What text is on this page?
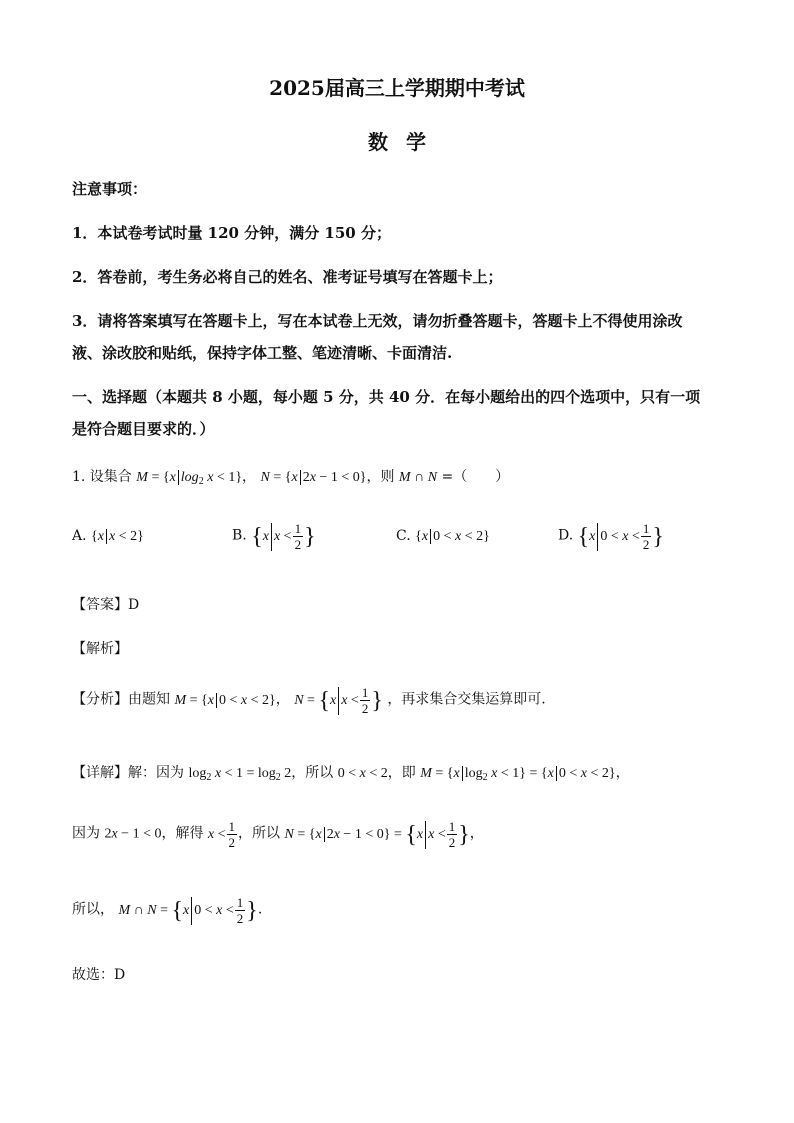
2025届高三上学期期中考试
数学
注意事项：
1．本试卷考试时量 120 分钟，满分 150 分；
2．答卷前，考生务必将自己的姓名、准考证号填写在答题卡上；
3．请将答案填写在答题卡上，写在本试卷上无效，请勿折叠答题卡，答题卡上不得使用涂改
液、涂改胶和贴纸，保持字体工整、笔迹清晰、卡面清洁.
一、选择题（本题共 8 小题，每小题 5 分，共 40 分．在每小题给出的四个选项中，只有一项
是符合题目要求的．）
1. 设集合 M = {x $\log_2 x < 1$}， N = {x 2x − 1 < 0}，则 M ∩ N =（　　）
A. {x x < 2}	B. {x $x < \frac{1}{2}$ }	C. {x 0 < x < 2}	D. {x $0 < x < \frac{1}{2}$ }
【答案】D
【解析】
【分析】由题知 M = {x 0 < x < 2}， N = {x $x < \frac{1}{2}$ } ，再求集合交集运算即可.
【详解】解：因为 $\log_2 x < 1 = \log_2 2$，所以 0 < x < 2，即 M = {x $\log_2 x < 1\} = \{x$ 0 < x < 2}，
因为 2x − 1 < 0，解得 $x < \frac{1}{2}$ ，所以 N = {x 2x − 1 < 0} = {x $x < \frac{1}{2}$ }，
所以， M ∩ N = {x $0 < x < \frac{1}{2}$ }.
故选：D
